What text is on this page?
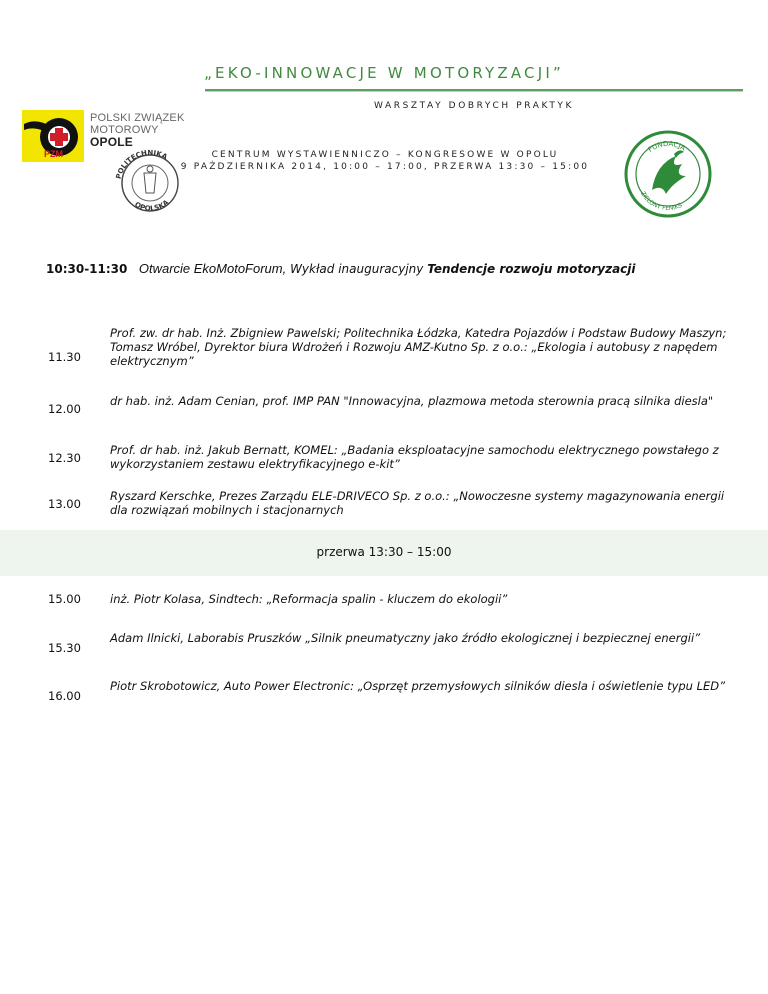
„EKO-INNOWACJE W MOTORYZACJI”
WARSZTAY DOBRYCH PRAKTYK
CENTRUM WYSTAWIENNICZO – KONGRESOWE W OPOLU
9 PAŹDZIERNIKA 2014, 10:00 – 17:00, PRZERWA 13:30 – 15:00
PZM
POLSKI ZWIĄZEK
MOTOROWY
OPOLE
POLITECHNIKA
OPOLSKA
FUNDACJA
ZIELONY FENIKS
10:30-11:30 Otwarcie EkoMotoForum, Wykład inauguracyjny Tendencje rozwoju motoryzacji
11.30
Prof. zw. dr hab. Inż. Zbigniew Pawelski; Politechnika Łódzka, Katedra Pojazdów i Podstaw Budowy Maszyn; Tomasz Wróbel, Dyrektor biura Wdrożeń i Rozwoju AMZ-Kutno Sp. z o.o.: „Ekologia i autobusy z napędem elektrycznym”
12.00
dr hab. inż. Adam Cenian, prof. IMP PAN "Innowacyjna, plazmowa metoda sterownia pracą silnika diesla"
12.30
Prof. dr hab. inż. Jakub Bernatt, KOMEL: „Badania eksploatacyjne samochodu elektrycznego powstałego z wykorzystaniem zestawu elektryfikacyjnego e-kit”
13.00
Ryszard Kerschke, Prezes Zarządu ELE-DRIVECO Sp. z o.o.: „Nowoczesne systemy magazynowania energii dla rozwiązań mobilnych i stacjonarnych
przerwa 13:30 – 15:00
15.00	inż. Piotr Kolasa, Sindtech: „Reformacja spalin - kluczem do ekologii”
15.30
Adam Ilnicki, Laborabis Pruszków „Silnik pneumatyczny jako źródło ekologicznej i bezpiecznej energii”
16.00
Piotr Skrobotowicz, Auto Power Electronic: „Osprzęt przemysłowych silników diesla i oświetlenie typu LED”
